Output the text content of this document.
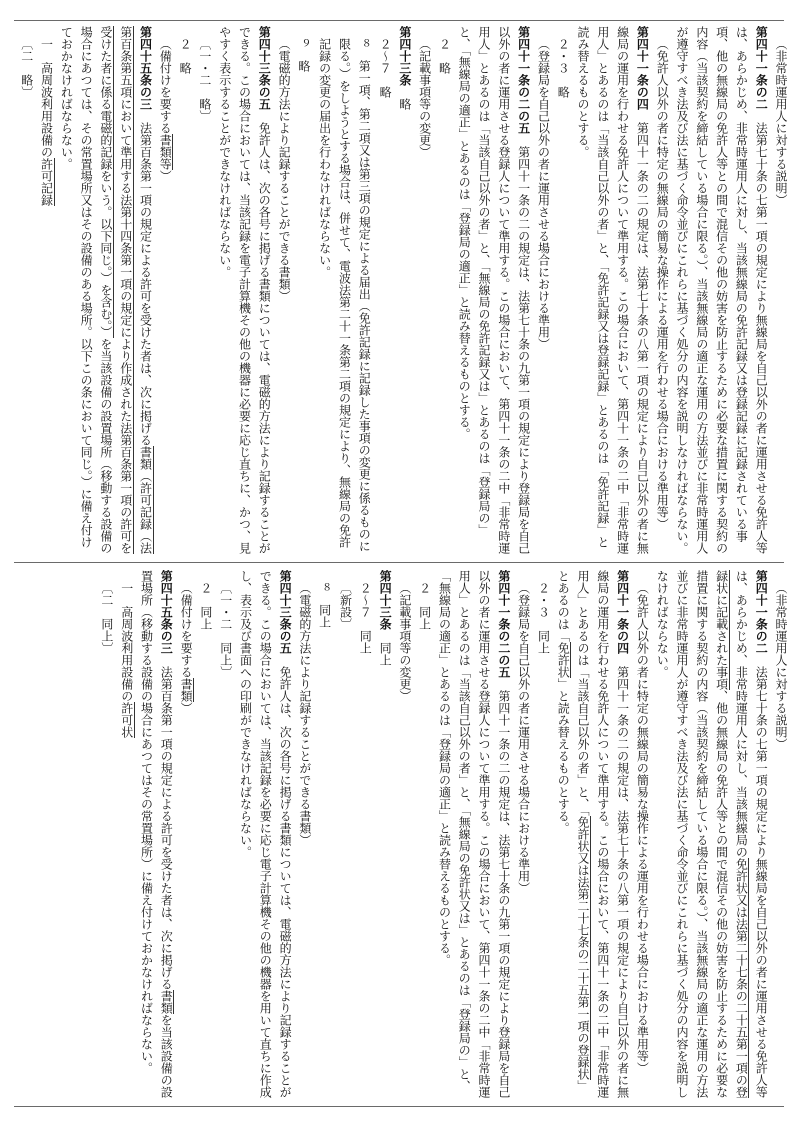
（非常時運用人に対する説明）

第四十一条の二　法第七十条の七第一項の規定により無線局を自己以外の者に運用させる免許人等は、あらかじめ、非常時運用人に対し、当該無線局の免許記録又は登録記録に記録されている事項、他の無線局の免許人等との間で混信その他の妨害を防止するために必要な措置に関する契約の内容（当該契約を締結している場合に限る。）、当該無線局の適正な運用の方法並びに非常時運用人が遵守すべき法及び法に基づく命令並びにこれらに基づく処分の内容を説明しなければならない。

（免許人以外の者に特定の無線局の簡易な操作による運用を行わせる場合における準用等）

第四十一条の四　第四十一条の二の規定は、法第七十条の八第一項の規定により自己以外の者に無線局の運用を行わせる免許人について準用する。この場合において、第四十一条の二中「非常時運用人」とあるのは「当該自己以外の者」と、「免許記録又は登録記録」とあるのは「免許記録」と読み替えるものとする。

２・３　略

（登録局を自己以外の者に運用させる場合における準用）

第四十一条の二の五　第四十一条の二の規定は、法第七十条の九第一項の規定により登録局を自己以外の者に運用させる登録人について準用する。この場合において、第四十一条の二中「非常時運用人」とあるのは「当該自己以外の者」と、「無線局の免許記録又は」とあるのは「登録局の」と、「無線局の適正」とあるのは「登録局の適正」と読み替えるものとする。

２　略

（記載事項等の変更）

第四十三条　略

２〜７　略

８　第一項、第二項又は第三項の規定による届出（免許記録に記録した事項の変更に係るものに限る。）をしようとする場合は、併せて、電波法第二十一条第二項の規定により、無線局の免許記録の変更の届出を行わなければならない。

９　略

（電磁的方法により記録することができる書類）

第四十三条の五　免許人は、次の各号に掲げる書類については、電磁的方法により記録することができる。この場合においては、当該記録を電子計算機その他の機器に必要に応じ直ちに、かつ、見やすく表示することができなければならない。

〔一・二　略〕

２　略

（備付けを要する書類等）

第四十五条の三　法第百条第一項の規定による許可を受けた者は、次に掲げる書類（許可記録（法第百条第五項において準用する法第十四条第一項の規定により作成された法第百条第一項の許可を受けた者に係る電磁的記録をいう。以下同じ。）を含む。）を当該設備の設置場所（移動する設備の場合にあつては、その常置場所又はその設備のある場所。以下この条において同じ。）に備え付けておかなければならない。

一　高周波利用設備の許可記録

〔二　略〕

（非常時運用人に対する説明）

第四十一条の二　法第七十条の七第一項の規定により無線局を自己以外の者に運用させる免許人等は、あらかじめ、非常時運用人に対し、当該無線局の免許状又は法第二十七条の二十五第一項の登録状に記載された事項、他の無線局の免許人等との間で混信その他の妨害を防止するために必要な措置に関する契約の内容（当該契約を締結している場合に限る。）、当該無線局の適正な運用の方法並びに非常時運用人が遵守すべき法及び法に基づく命令並びにこれらに基づく処分の内容を説明しなければならない。

（免許人以外の者に特定の無線局の簡易な操作による運用を行わせる場合における準用等）

第四十一条の四　第四十一条の二の規定は、法第七十条の八第一項の規定により自己以外の者に無線局の運用を行わせる免許人について準用する。この場合において、第四十一条の二中「非常時運用人」とあるのは「当該自己以外の者」と、「免許状又は法第二十七条の二十五第一項の登録状」とあるのは「免許状」と読み替えるものとする。

２・３　同上

（登録局を自己以外の者に運用させる場合における準用）

第四十一条の二の五　第四十一条の二の規定は、法第七十条の九第一項の規定により登録局を自己以外の者に運用させる登録人について準用する。この場合において、第四十一条の二中「非常時運用人」とあるのは「当該自己以外の者」と、「無線局の免許状又は」とあるのは「登録局の」と、「無線局の適正」とあるのは「登録局の適正」と読み替えるものとする。

２　同上

（記載事項等の変更）

第四十三条　同上

２〜７　同上

〔新設〕

８　同上

（電磁的方法により記録することができる書類）

第四十三条の五　免許人は、次の各号に掲げる書類については、電磁的方法により記録することができる。この場合においては、当該記録を必要に応じ電子計算機その他の機器を用いて直ちに作成し、表示及び書面への印刷ができなければならない。

〔一・二　同上〕

２　同上

（備付けを要する書類）

第四十五条の三　法第百条第一項の規定による許可を受けた者は、次に掲げる書類を当該設備の設置場所（移動する設備の場合にあつてはその常置場所）に備え付けておかなければならない。

一　高周波利用設備の許可状

〔二　同上〕
